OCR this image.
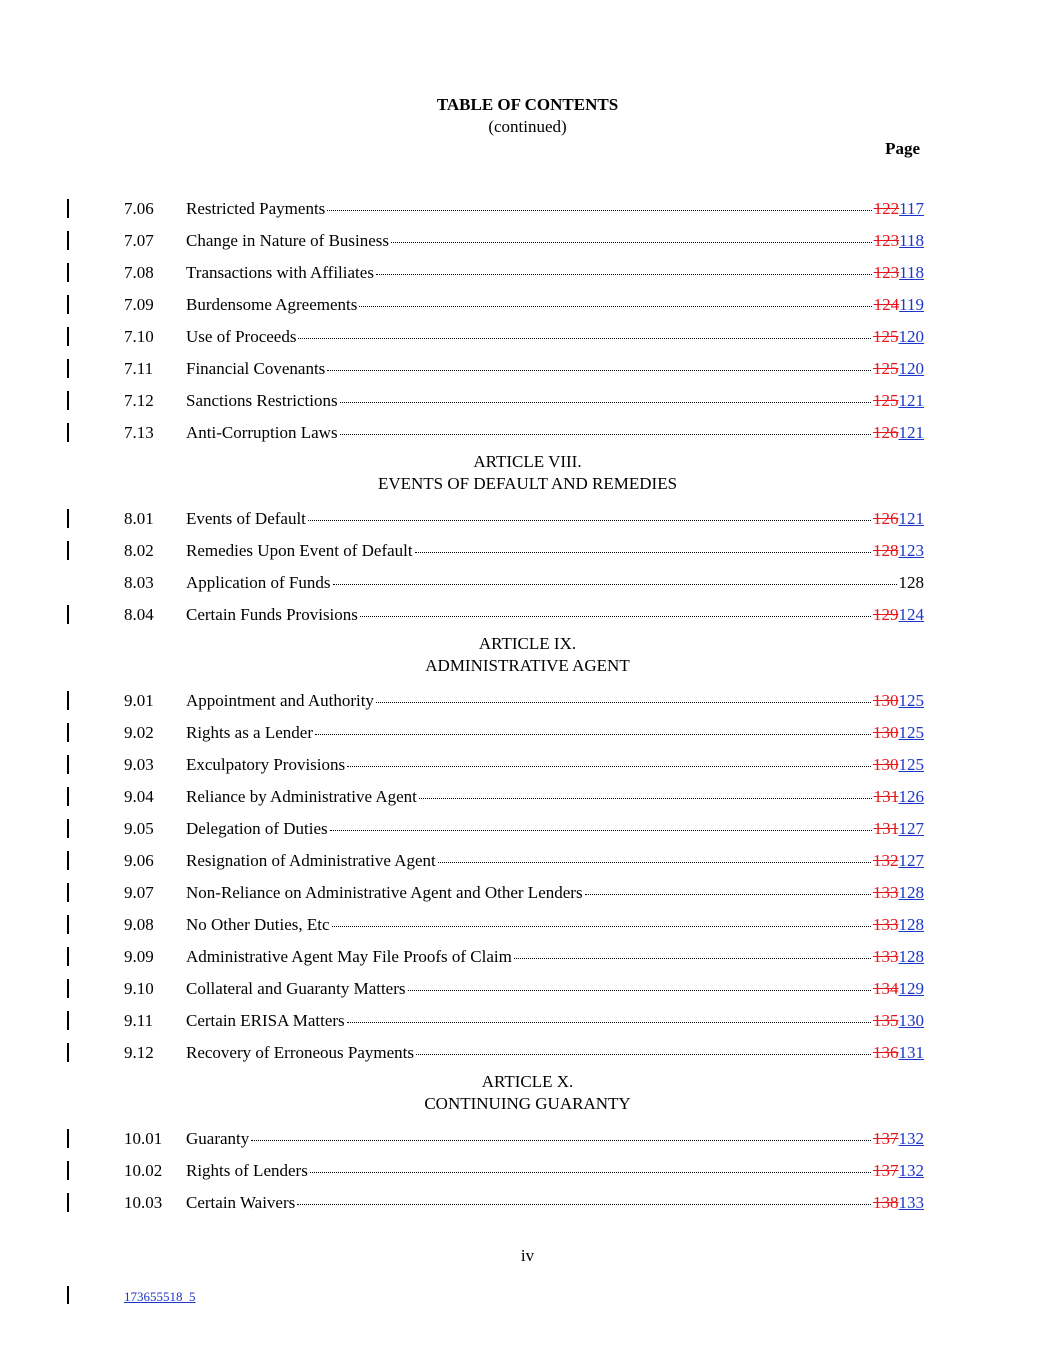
TABLE OF CONTENTS
(continued)
Page
7.06 Restricted Payments	122117
7.07 Change in Nature of Business	123118
7.08 Transactions with Affiliates	123118
7.09 Burdensome Agreements	124119
7.10 Use of Proceeds	125120
7.11 Financial Covenants	125120
7.12 Sanctions Restrictions	125121
7.13 Anti-Corruption Laws	126121
ARTICLE VIII.
EVENTS OF DEFAULT AND REMEDIES
8.01 Events of Default	126121
8.02 Remedies Upon Event of Default	128123
8.03 Application of Funds	128
8.04 Certain Funds Provisions	129124
ARTICLE IX.
ADMINISTRATIVE AGENT
9.01 Appointment and Authority	130125
9.02 Rights as a Lender	130125
9.03 Exculpatory Provisions	130125
9.04 Reliance by Administrative Agent	131126
9.05 Delegation of Duties	131127
9.06 Resignation of Administrative Agent	132127
9.07 Non-Reliance on Administrative Agent and Other Lenders	133128
9.08 No Other Duties, Etc	133128
9.09 Administrative Agent May File Proofs of Claim	133128
9.10 Collateral and Guaranty Matters	134129
9.11 Certain ERISA Matters	135130
9.12 Recovery of Erroneous Payments	136131
ARTICLE X.
CONTINUING GUARANTY
10.01 Guaranty	137132
10.02 Rights of Lenders	137132
10.03 Certain Waivers	138133
iv
173655518_5
